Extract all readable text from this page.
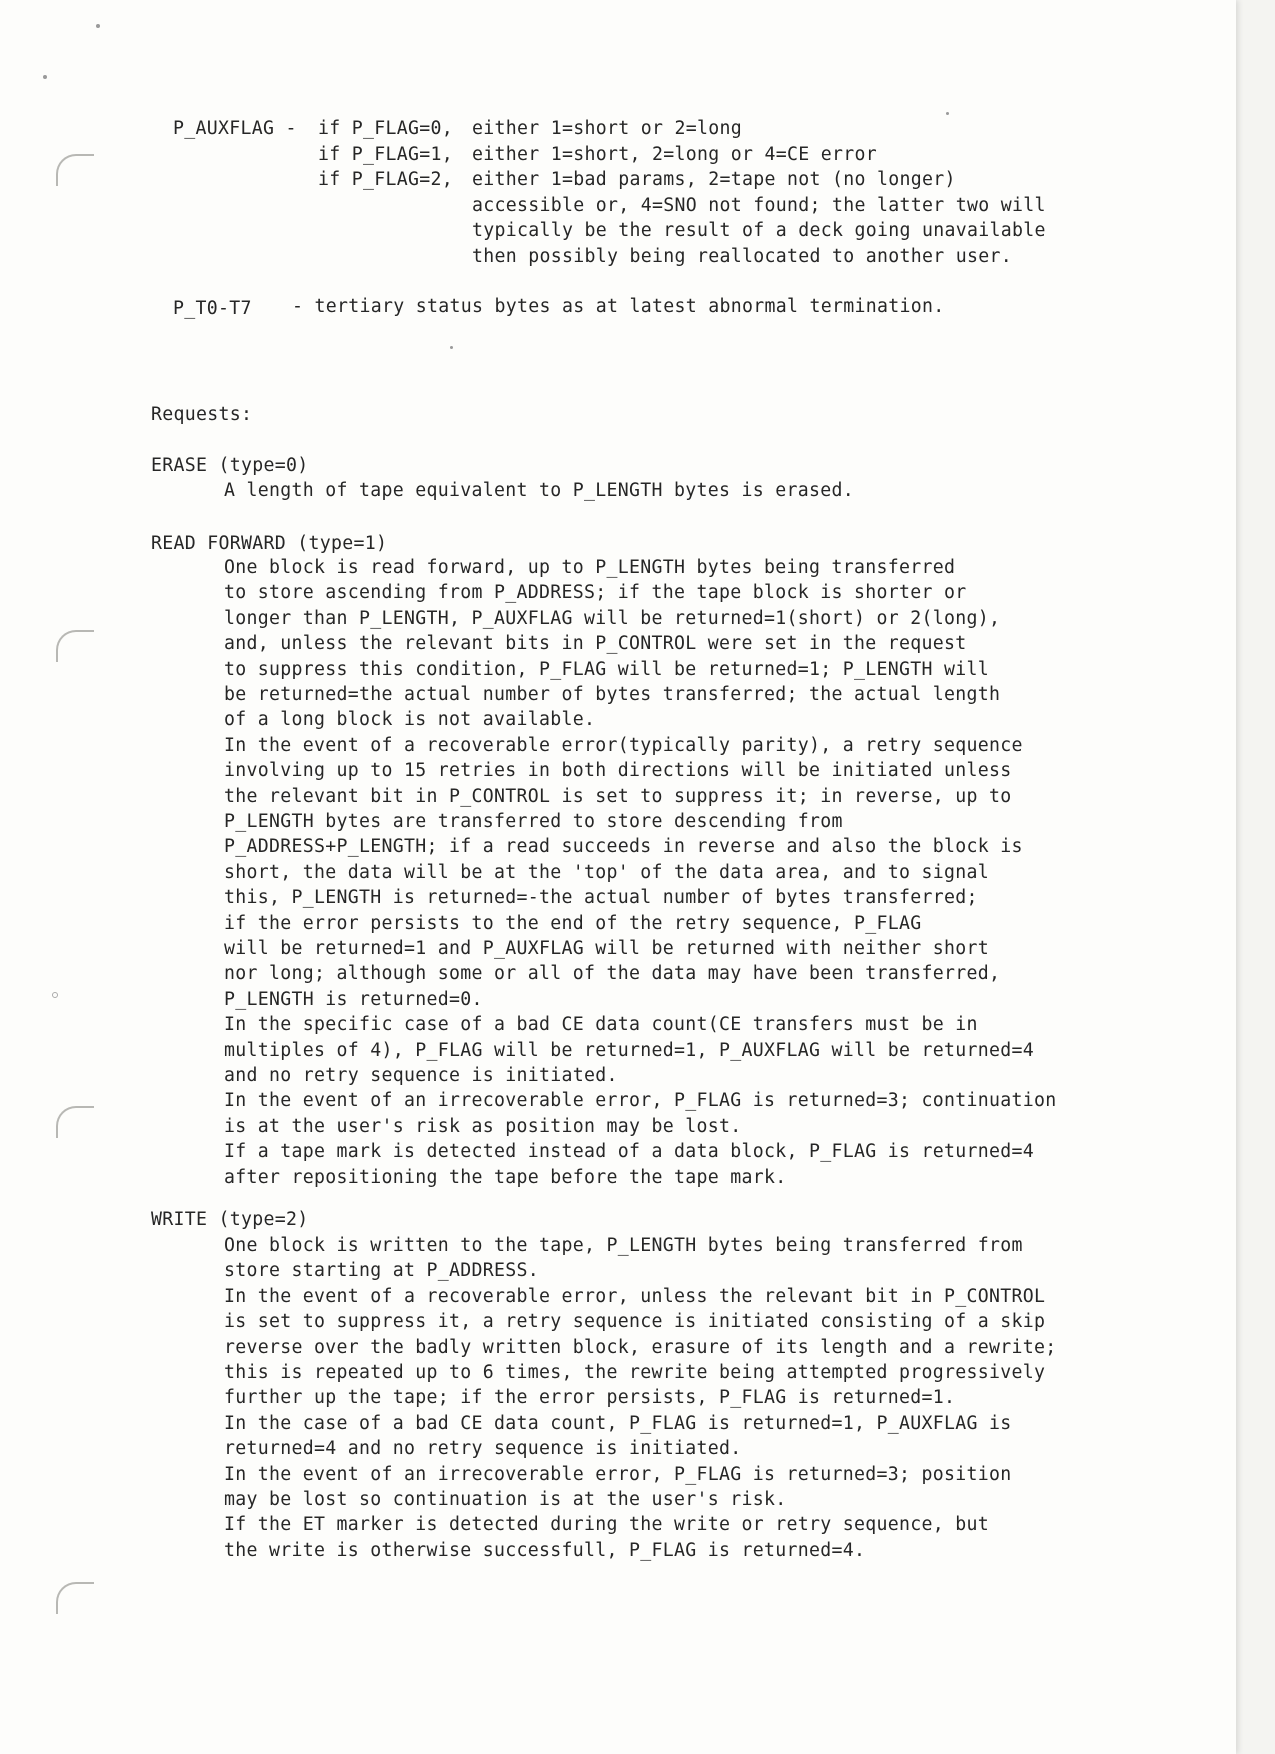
P_AUXFLAG - if P_FLAG=0, either 1=short or 2=long
if P_FLAG=1, either 1=short, 2=long or 4=CE error
if P_FLAG=2, either 1=bad params, 2=tape not (no longer)
accessible or, 4=SNO not found; the latter two will
typically be the result of a deck going unavailable
then possibly being reallocated to another user.
P_T0-T7 - tertiary status bytes as at latest abnormal termination.
Requests:
ERASE (type=0)
A length of tape equivalent to P_LENGTH bytes is erased.
READ FORWARD (type=1)
One block is read forward, up to P_LENGTH bytes being transferred
to store ascending from P_ADDRESS; if the tape block is shorter or
longer than P_LENGTH, P_AUXFLAG will be returned=1(short) or 2(long),
and, unless the relevant bits in P_CONTROL were set in the request
to suppress this condition, P_FLAG will be returned=1; P_LENGTH will
be returned=the actual number of bytes transferred; the actual length
of a long block is not available.
In the event of a recoverable error(typically parity), a retry sequence
involving up to 15 retries in both directions will be initiated unless
the relevant bit in P_CONTROL is set to suppress it; in reverse, up to
P_LENGTH bytes are transferred to store descending from
P_ADDRESS+P_LENGTH; if a read succeeds in reverse and also the block is
short, the data will be at the 'top' of the data area, and to signal
this, P_LENGTH is returned=-the actual number of bytes transferred;
if the error persists to the end of the retry sequence, P_FLAG
will be returned=1 and P_AUXFLAG will be returned with neither short
nor long; although some or all of the data may have been transferred,
P_LENGTH is returned=0.
In the specific case of a bad CE data count(CE transfers must be in
multiples of 4), P_FLAG will be returned=1, P_AUXFLAG will be returned=4
and no retry sequence is initiated.
In the event of an irrecoverable error, P_FLAG is returned=3; continuation
is at the user's risk as position may be lost.
If a tape mark is detected instead of a data block, P_FLAG is returned=4
after repositioning the tape before the tape mark.
WRITE (type=2)
One block is written to the tape, P_LENGTH bytes being transferred from
store starting at P_ADDRESS.
In the event of a recoverable error, unless the relevant bit in P_CONTROL
is set to suppress it, a retry sequence is initiated consisting of a skip
reverse over the badly written block, erasure of its length and a rewrite;
this is repeated up to 6 times, the rewrite being attempted progressively
further up the tape; if the error persists, P_FLAG is returned=1.
In the case of a bad CE data count, P_FLAG is returned=1, P_AUXFLAG is
returned=4 and no retry sequence is initiated.
In the event of an irrecoverable error, P_FLAG is returned=3; position
may be lost so continuation is at the user's risk.
If the ET marker is detected during the write or retry sequence, but
the write is otherwise successfull, P_FLAG is returned=4.
